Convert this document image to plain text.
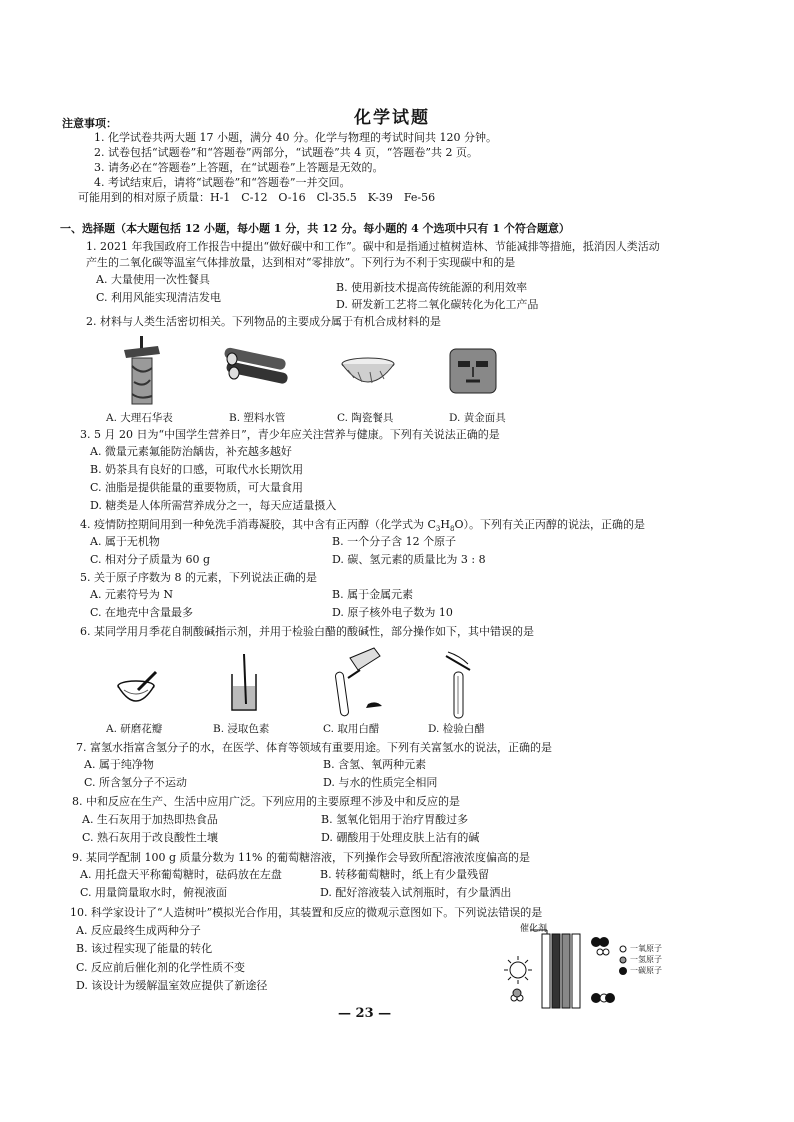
化学试题
注意事项：
1. 化学试卷共两大题 17 小题，满分 40 分。化学与物理的考试时间共 120 分钟。
2. 试卷包括“试题卷”和“答题卷”两部分，“试题卷”共 4 页，“答题卷”共 2 页。
3. 请务必在“答题卷”上答题，在“试题卷”上答题是无效的。
4. 考试结束后，请将“试题卷”和“答题卷”一并交回。
可能用到的相对原子质量：H-1　C-12　O-16　Cl-35.5　K-39　Fe-56
一、选择题（本大题包括 12 小题，每小题 1 分，共 12 分。每小题的 4 个选项中只有 1 个符合题意）
1. 2021 年我国政府工作报告中提出“做好碳中和工作”。碳中和是指通过植树造林、节能减排等措施，抵消因人类活动
产生的二氧化碳等温室气体排放量，达到相对“零排放”。下列行为不利于实现碳中和的是
A. 大量使用一次性餐具
B. 使用新技术提高传统能源的利用效率
C. 利用风能实现清洁发电
D. 研发新工艺将二氧化碳转化为化工产品
2. 材料与人类生活密切相关。下列物品的主要成分属于有机合成材料的是
A. 大理石华表	B. 塑料水管	C. 陶瓷餐具	D. 黄金面具
3. 5 月 20 日为“中国学生营养日”，青少年应关注营养与健康。下列有关说法正确的是
A. 微量元素氟能防治龋齿，补充越多越好
B. 奶茶具有良好的口感，可取代水长期饮用
C. 油脂是提供能量的重要物质，可大量食用
D. 糖类是人体所需营养成分之一，每天应适量摄入
4. 疫情防控期间用到一种免洗手消毒凝胶，其中含有正丙醇（化学式为 $C_3H_8O$）。下列有关正丙醇的说法，正确的是
A. 属于无机物	B. 一个分子含 12 个原子
C. 相对分子质量为 60 g	D. 碳、氢元素的质量比为 3 : 8
5. 关于原子序数为 8 的元素，下列说法正确的是
A. 元素符号为 N	B. 属于金属元素
C. 在地壳中含量最多	D. 原子核外电子数为 10
6. 某同学用月季花自制酸碱指示剂，并用于检验白醋的酸碱性，部分操作如下，其中错误的是
A. 研磨花瓣	B. 浸取色素	C. 取用白醋	D. 检验白醋
7. 富氢水指富含氢分子的水，在医学、体育等领域有重要用途。下列有关富氢水的说法，正确的是
A. 属于纯净物	B. 含氢、氧两种元素
C. 所含氢分子不运动	D. 与水的性质完全相同
8. 中和反应在生产、生活中应用广泛。下列应用的主要原理不涉及中和反应的是
A. 生石灰用于加热即热食品	B. 氢氧化铝用于治疗胃酸过多
C. 熟石灰用于改良酸性土壤	D. 硼酸用于处理皮肤上沾有的碱
9. 某同学配制 100 g 质量分数为 11% 的葡萄糖溶液，下列操作会导致所配溶液浓度偏高的是
A. 用托盘天平称葡萄糖时，砝码放在左盘	B. 转移葡萄糖时，纸上有少量残留
C. 用量筒量取水时，俯视液面	D. 配好溶液装入试剂瓶时，有少量洒出
10. 科学家设计了“人造树叶”模拟光合作用，其装置和反应的微观示意图如下。下列说法错误的是
A. 反应最终生成两种分子
B. 该过程实现了能量的转化
C. 反应前后催化剂的化学性质不变
D. 该设计为缓解温室效应提供了新途径
催化剂
一氧原子
一氢原子
一碳原子
— 23 —
